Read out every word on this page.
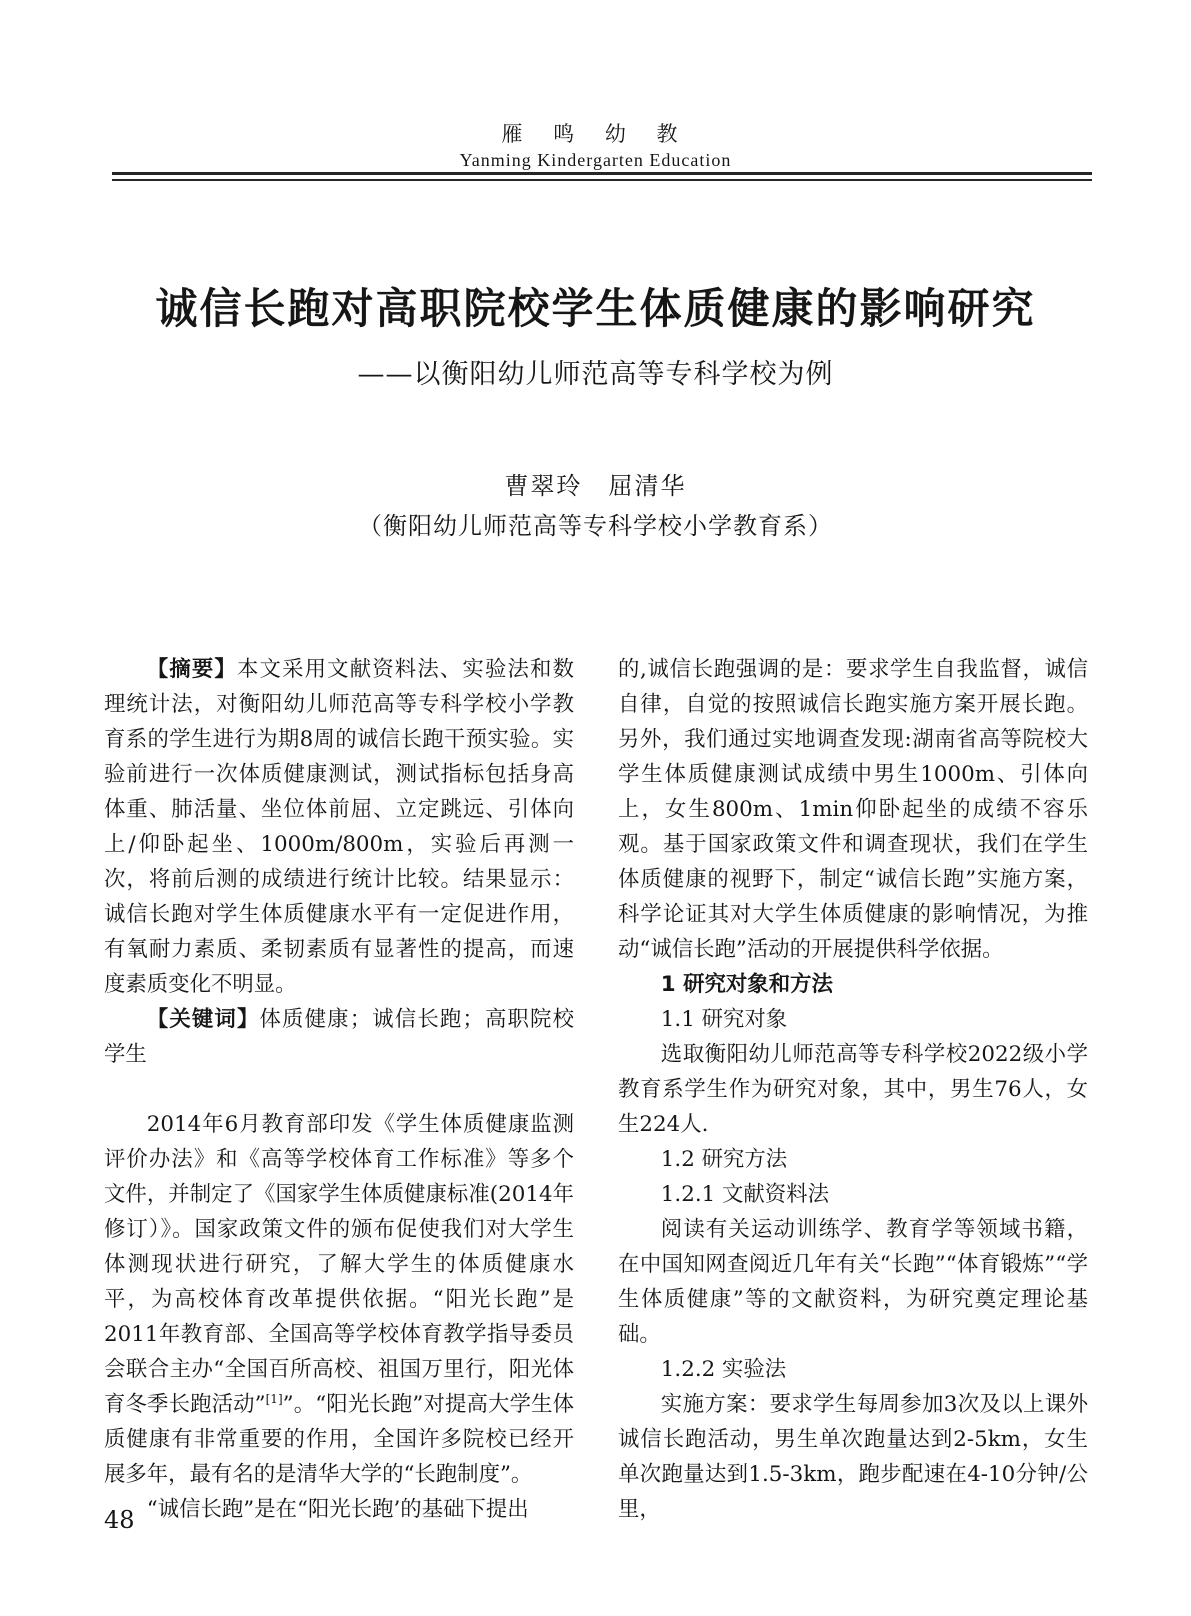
雁 鸣 幼 教
Yanming Kindergarten Education
诚信长跑对高职院校学生体质健康的影响研究
——以衡阳幼儿师范高等专科学校为例
曹翠玲　屈清华
（衡阳幼儿师范高等专科学校小学教育系）

【摘要】本文采用文献资料法、实验法和数理统计法，对衡阳幼儿师范高等专科学校小学教育系的学生进行为期8周的诚信长跑干预实验。实验前进行一次体质健康测试，测试指标包括身高体重、肺活量、坐位体前屈、立定跳远、引体向上/仰卧起坐、1000m/800m，实验后再测一次，将前后测的成绩进行统计比较。结果显示：诚信长跑对学生体质健康水平有一定促进作用，有氧耐力素质、柔韧素质有显著性的提高，而速度素质变化不明显。

【关键词】体质健康；诚信长跑；高职院校学生

2014年6月教育部印发《学生体质健康监测评价办法》和《高等学校体育工作标准》等多个文件，并制定了《国家学生体质健康标准(2014年修订）》。国家政策文件的颁布促使我们对大学生体测现状进行研究，了解大学生的体质健康水平，为高校体育改革提供依据。“阳光长跑”是2011年教育部、全国高等学校体育教学指导委员会联合主办“全国百所高校、祖国万里行，阳光体育冬季长跑活动”[1]”。“阳光长跑”对提高大学生体质健康有非常重要的作用，全国许多院校已经开展多年，最有名的是清华大学的“长跑制度”。

“诚信长跑”是在“阳光长跑’的基础下提出

的,诚信长跑强调的是：要求学生自我监督，诚信自律，自觉的按照诚信长跑实施方案开展长跑。另外，我们通过实地调查发现:湖南省高等院校大学生体质健康测试成绩中男生1000m、引体向上，女生800m、1min仰卧起坐的成绩不容乐观。基于国家政策文件和调查现状，我们在学生体质健康的视野下，制定“诚信长跑”实施方案，科学论证其对大学生体质健康的影响情况，为推动“诚信长跑”活动的开展提供科学依据。

1 研究对象和方法

1.1 研究对象

选取衡阳幼儿师范高等专科学校2022级小学教育系学生作为研究对象，其中，男生76人，女生224人.

1.2 研究方法

1.2.1 文献资料法

阅读有关运动训练学、教育学等领域书籍，在中国知网查阅近几年有关“长跑”“体育锻炼”“学生体质健康”等的文献资料，为研究奠定理论基础。

1.2.2 实验法

实施方案：要求学生每周参加3次及以上课外诚信长跑活动，男生单次跑量达到2-5km，女生单次跑量达到1.5-3km，跑步配速在4-10分钟/公里，

48
